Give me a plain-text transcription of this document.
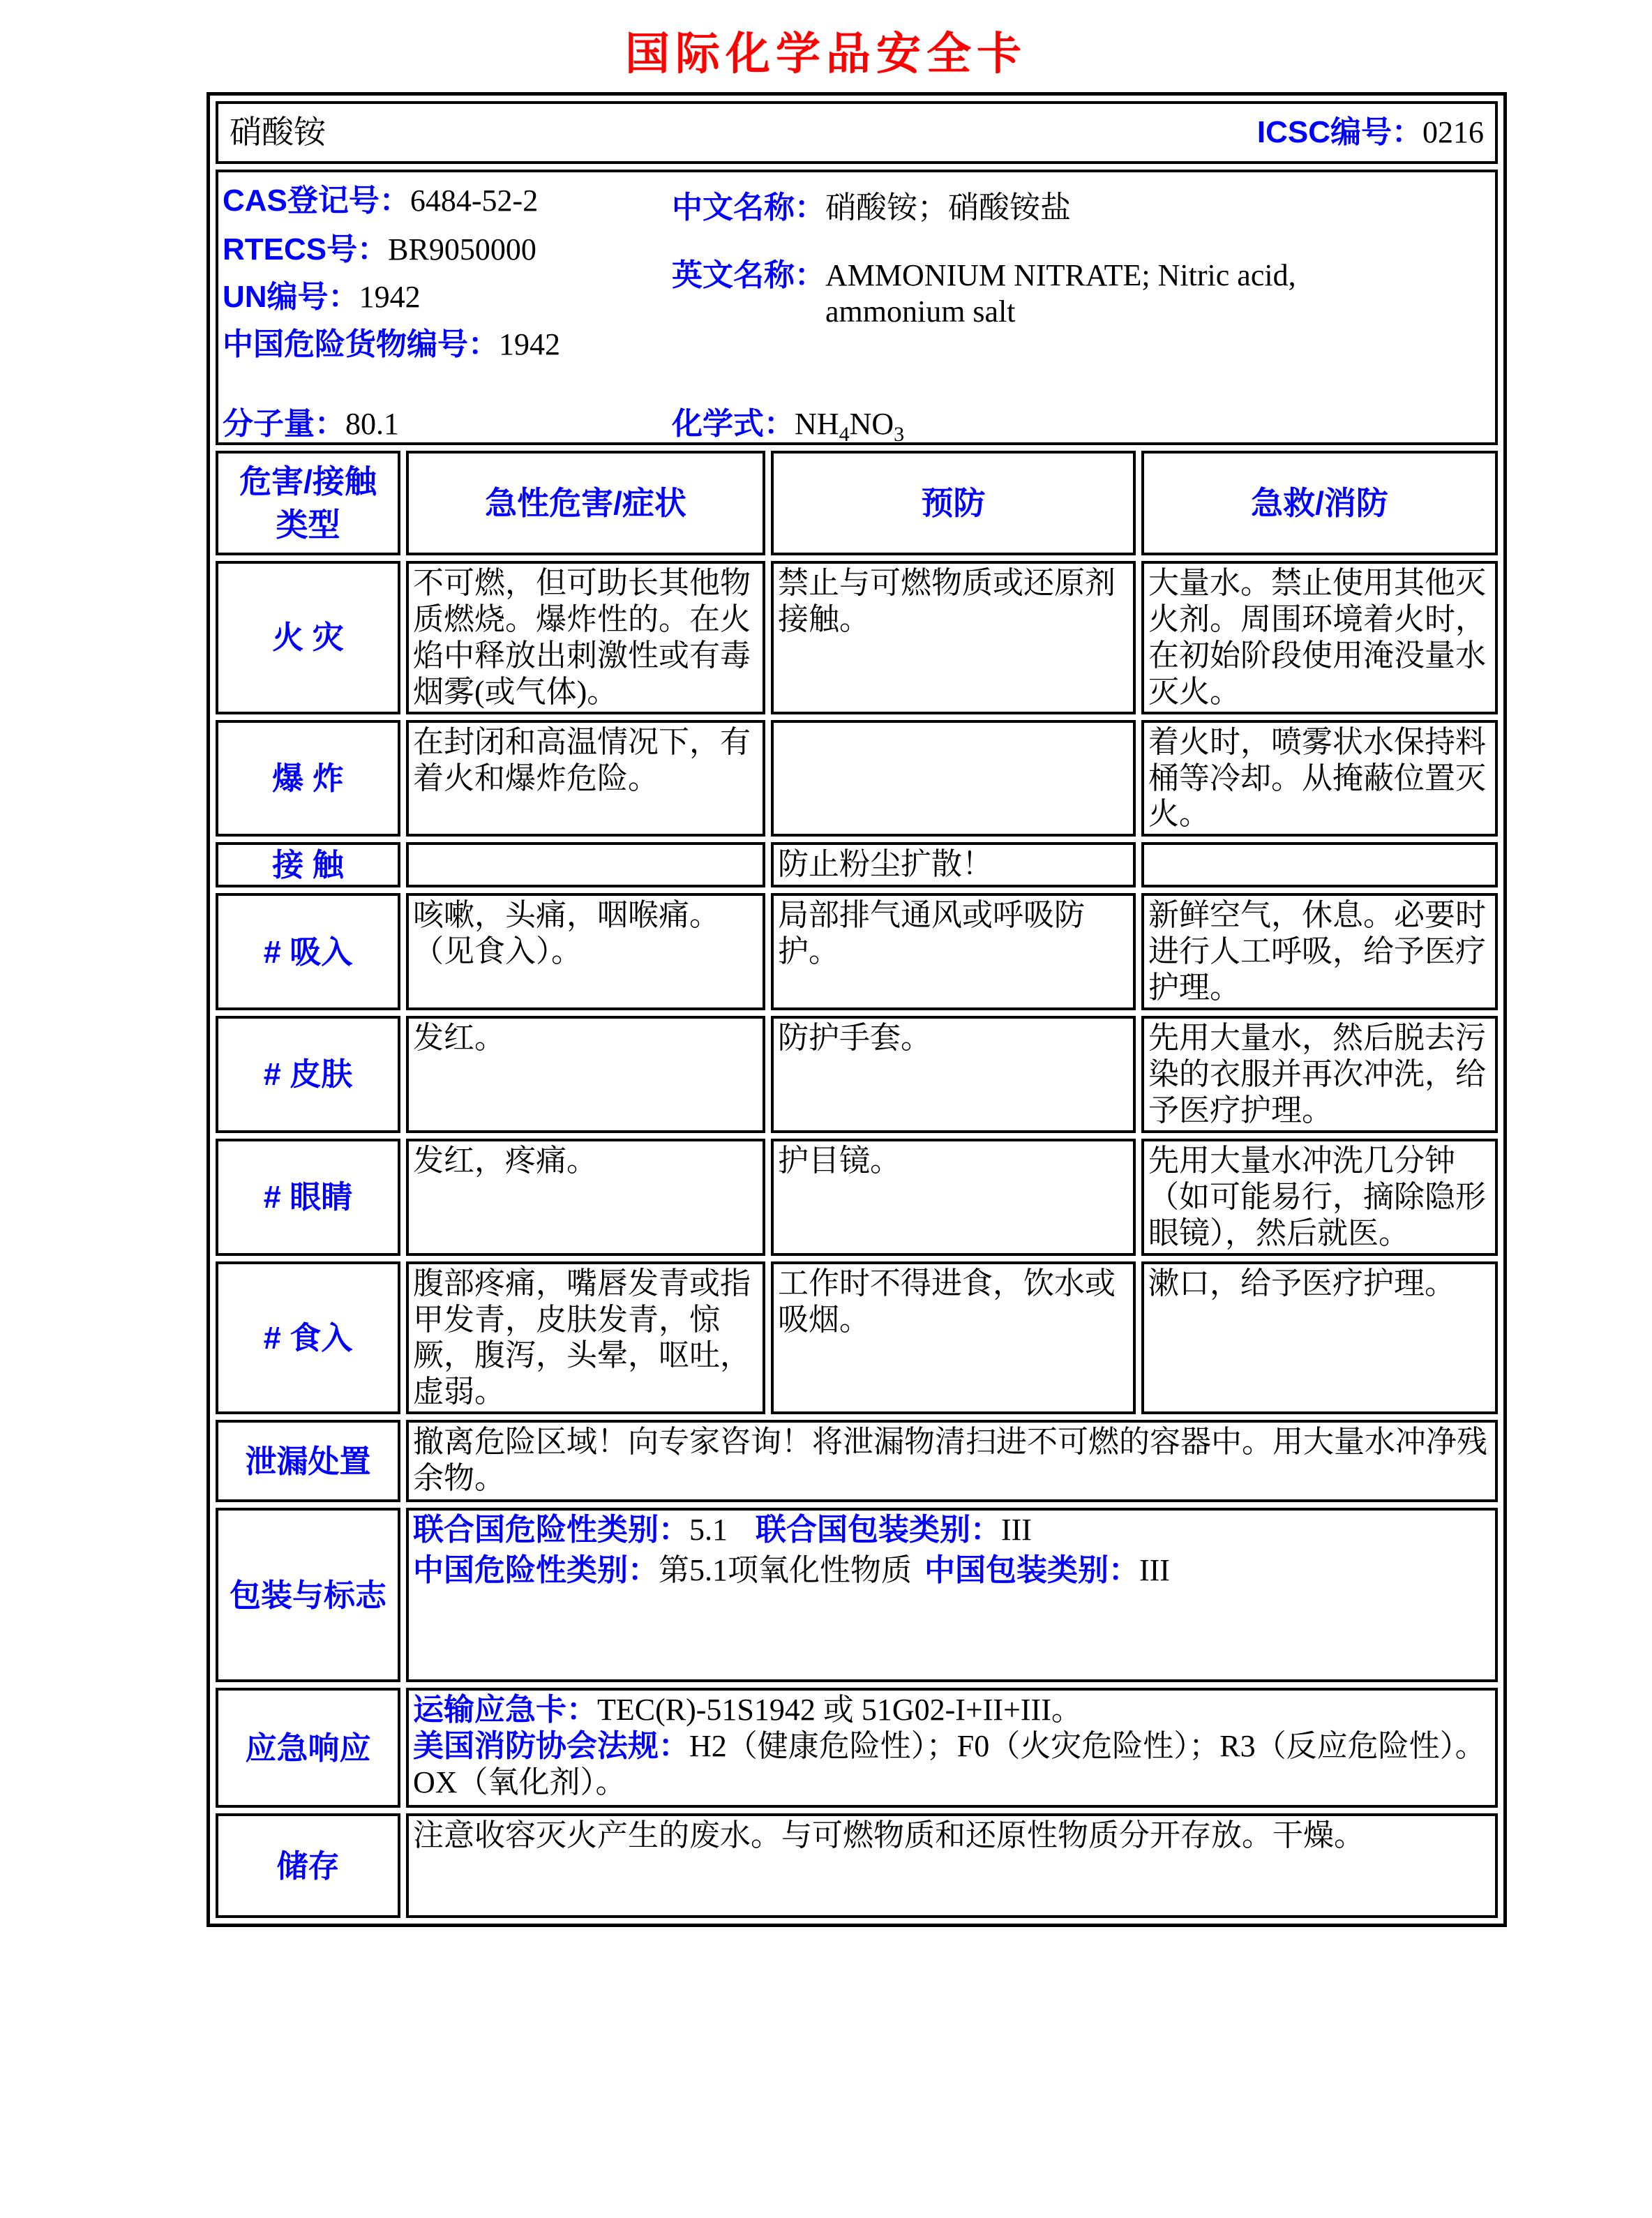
国际化学品安全卡
硝酸铵 ICSC编号：0216			

CAS登记号：6484-52-2
RTECS号：BR9050000
UN编号：1942
中国危险货物编号：1942
分子量：80.1
中文名称：硝酸铵；硝酸铵盐
英文名称：AMMONIUM NITRATE; Nitric acid, ammonium salt
化学式：$NH_4NO_3$

危害/接触
类型	急性危害/症状	预防	急救/消防
火 灾	不可燃，但可助长其他物质燃烧。爆炸性的。在火焰中释放出刺激性或有毒烟雾(或气体)。	禁止与可燃物质或还原剂接触。	大量水。禁止使用其他灭火剂。周围环境着火时，在初始阶段使用淹没量水灭火。
爆 炸	在封闭和高温情况下，有着火和爆炸危险。		着火时，喷雾状水保持料桶等冷却。从掩蔽位置灭火。
接 触		防止粉尘扩散！	
# 吸入	咳嗽，头痛，咽喉痛。（见食入）。	局部排气通风或呼吸防护。	新鲜空气，休息。必要时进行人工呼吸，给予医疗护理。
# 皮肤	发红。	防护手套。	先用大量水，然后脱去污染的衣服并再次冲洗，给予医疗护理。
# 眼睛	发红，疼痛。	护目镜。	先用大量水冲洗几分钟（如可能易行，摘除隐形眼镜），然后就医。
# 食入	腹部疼痛，嘴唇发青或指甲发青，皮肤发青，惊厥，腹泻，头晕，呕吐，虚弱。	工作时不得进食，饮水或吸烟。	漱口，给予医疗护理。
泄漏处置	撤离危险区域！向专家咨询！将泄漏物清扫进不可燃的容器中。用大量水冲净残余物。		
包装与标志	联合国危险性类别：5.1 联合国包装类别：III
中国危险性类别：第5.1项氧化性物质 中国包装类别：III		

应急响应	运输应急卡：TEC(R)-51S1942 或 51G02-I+II+III。
美国消防协会法规：H2（健康危险性）；F0（火灾危险性）；R3（反应危险性）。OX（氧化剂）。		

储存	注意收容灭火产生的废水。与可燃物质和还原性物质分开存放。干燥。		
